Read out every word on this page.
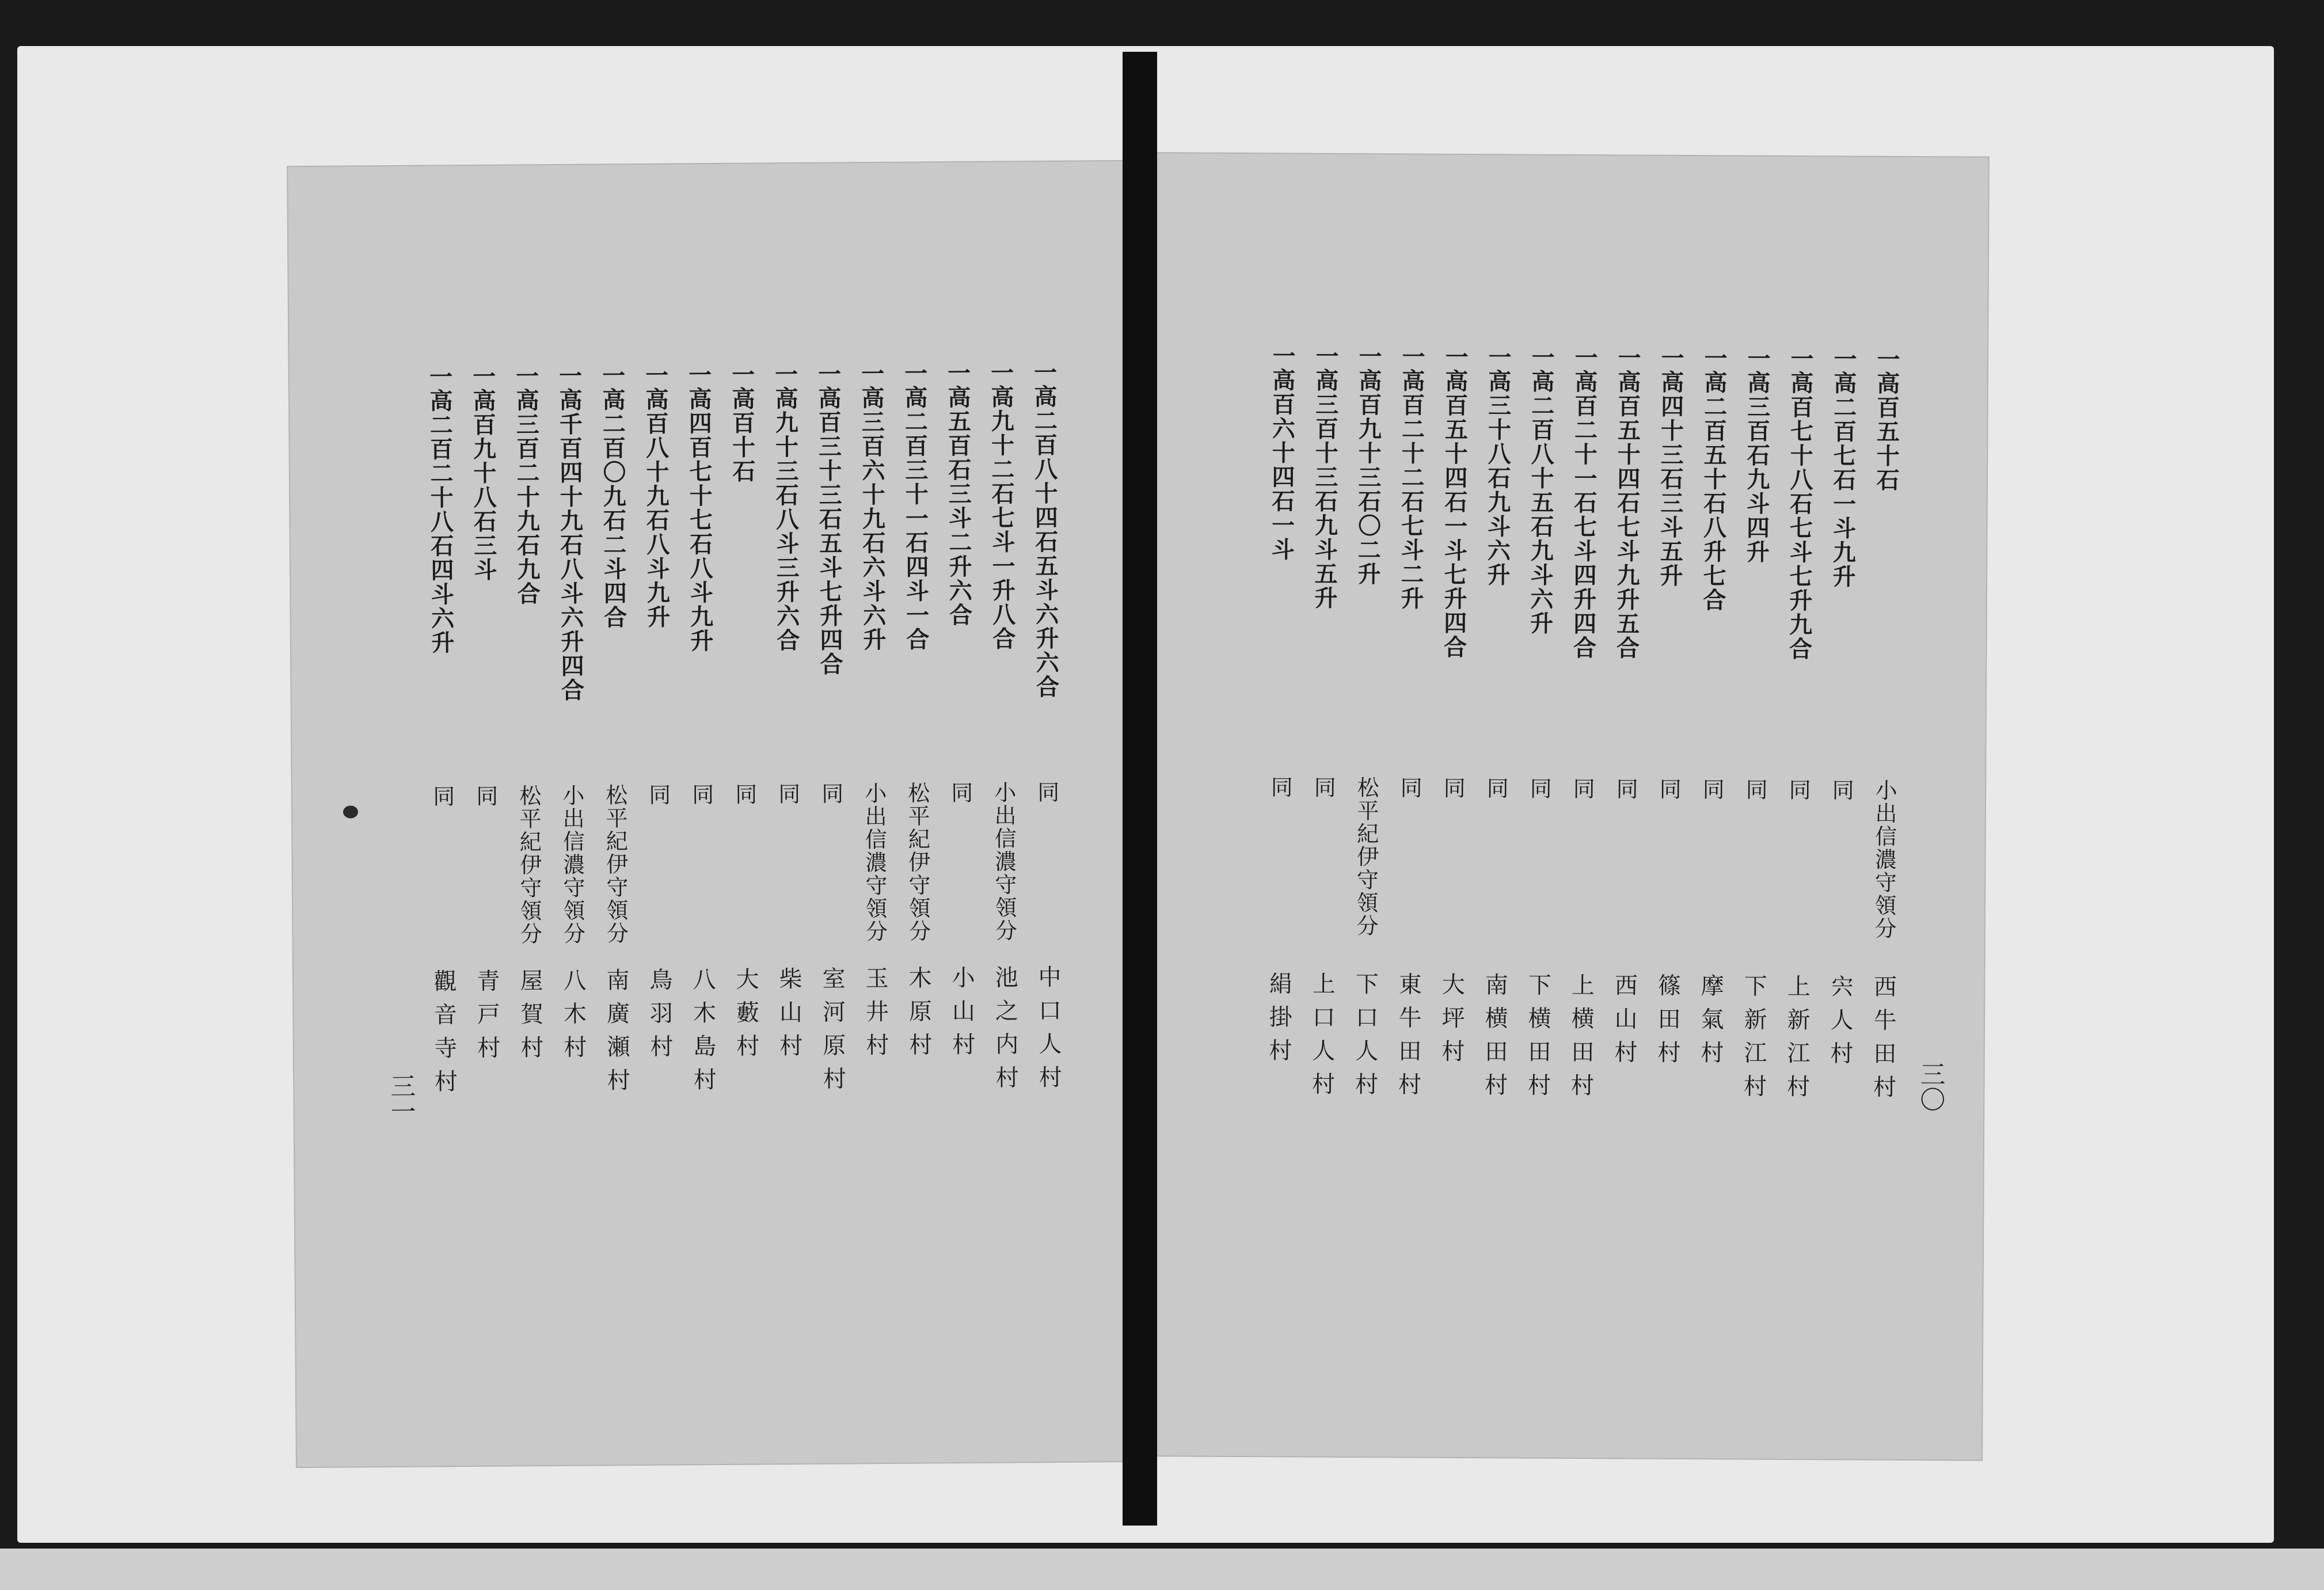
一高二百八十四石五斗六升六合
同
中口人村
一高九十二石七斗一升八合
小出信濃守領分
池之内村
一高五百石三斗二升六合
同
小山村
一高二百三十一石四斗一合
松平紀伊守領分
木原村
一高三百六十九石六斗六升
小出信濃守領分
玉井村
一高百三十三石五斗七升四合
同
室河原村
一高九十三石八斗三升六合
同
柴山村
一高百十石
同
大藪村
一高四百七十七石八斗九升
同
八木島村
一高百八十九石八斗九升
同
鳥羽村
一高二百〇九石二斗四合
松平紀伊守領分
南廣瀬村
一高千百四十九石八斗六升四合
小出信濃守領分
八木村
一高三百二十九石九合
松平紀伊守領分
屋賀村
一高百九十八石三斗
同
青戸村
一高二百二十八石四斗六升
同
觀音寺村
三一
一高百五十石
小出信濃守領分
西牛田村
一高二百七石一斗九升
同
宍人村
一高百七十八石七斗七升九合
同
上新江村
一高三百石九斗四升
同
下新江村
一高二百五十石八升七合
同
摩氣村
一高四十三石三斗五升
同
篠田村
一高百五十四石七斗九升五合
同
西山村
一高百二十一石七斗四升四合
同
上横田村
一高二百八十五石九斗六升
同
下横田村
一高三十八石九斗六升
同
南横田村
一高百五十四石一斗七升四合
同
大坪村
一高百二十二石七斗二升
同
東牛田村
一高百九十三石〇二升
松平紀伊守領分
下口人村
一高三百十三石九斗五升
同
上口人村
一高百六十四石一斗
同
絹掛村
三〇
